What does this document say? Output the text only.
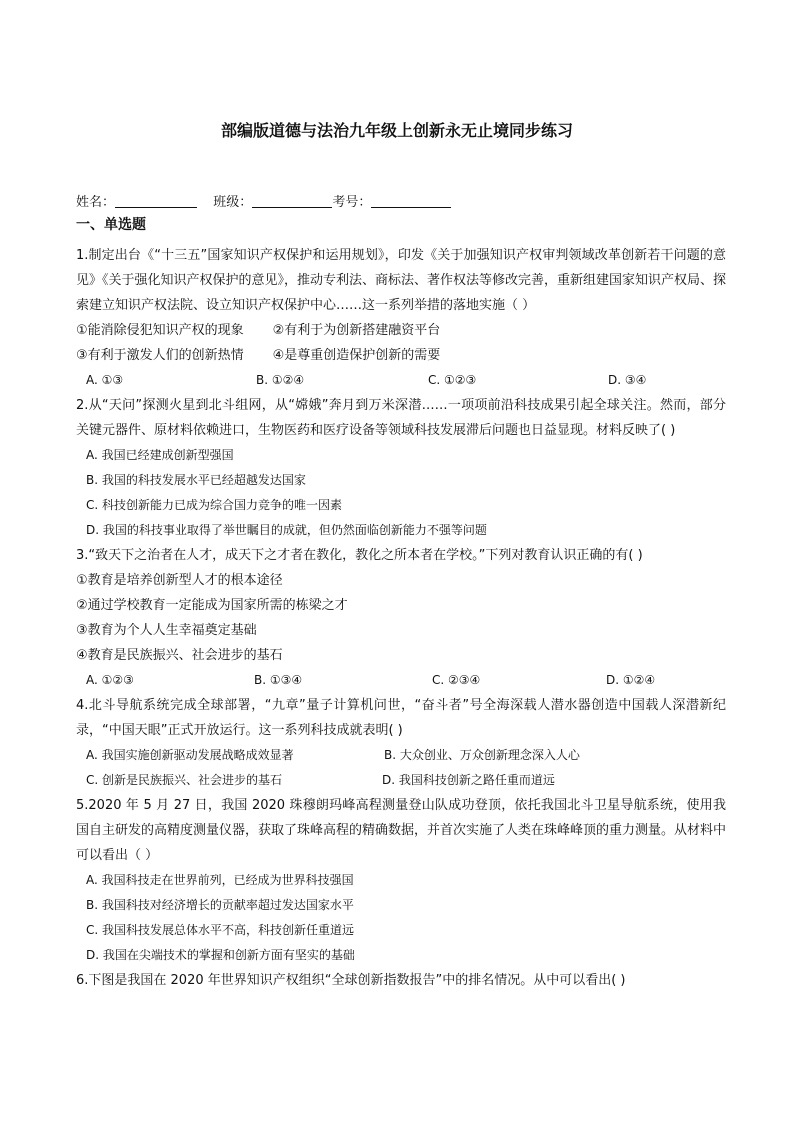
部编版道德与法治九年级上创新永无止境同步练习
姓名：	班级：	考号：
一、单选题
1.制定出台《“十三五”国家知识产权保护和运用规划》，印发《关于加强知识产权审判领域改革创新若干问题的意见》《关于强化知识产权保护的意见》，推动专利法、商标法、著作权法等修改完善，重新组建国家知识产权局、探索建立知识产权法院、设立知识产权保护中心……这一系列举措的落地实施（ ）
①能消除侵犯知识产权的现象       ②有利于为创新搭建融资平台
③有利于激发人们的创新热情       ④是尊重创造保护创新的需要
A. ①③	B. ①②④	C. ①②③	D. ③④
2.从“天问”探测火星到北斗组网，从“嫦娥”奔月到万米深潜……一项项前沿科技成果引起全球关注。然而，部分关键元器件、原材料依赖进口，生物医药和医疗设备等领域科技发展滞后问题也日益显现。材料反映了( )
A. 我国已经建成创新型强国
B. 我国的科技发展水平已经超越发达国家
C. 科技创新能力已成为综合国力竞争的唯一因素
D. 我国的科技事业取得了举世瞩目的成就，但仍然面临创新能力不强等问题
3.“致天下之治者在人才，成天下之才者在教化，教化之所本者在学校。”下列对教育认识正确的有( )
①教育是培养创新型人才的根本途径
②通过学校教育一定能成为国家所需的栋梁之才
③教育为个人人生幸福奠定基础
④教育是民族振兴、社会进步的基石
A. ①②③	B. ①③④	C. ②③④	D. ①②④
4.北斗导航系统完成全球部署，“九章”量子计算机问世，“奋斗者”号全海深载人潜水器创造中国载人深潜新纪录，“中国天眼”正式开放运行。这一系列科技成就表明( )
A. 我国实施创新驱动发展战略成效显著	B. 大众创业、万众创新理念深入人心
C. 创新是民族振兴、社会进步的基石	D. 我国科技创新之路任重而道远
5.2020 年 5 月 27 日，我国 2020 珠穆朗玛峰高程测量登山队成功登顶，依托我国北斗卫星导航系统，使用我国自主研发的高精度测量仪器，获取了珠峰高程的精确数据，并首次实施了人类在珠峰峰顶的重力测量。从材料中可以看出（ ）
A. 我国科技走在世界前列，已经成为世界科技强国
B. 我国科技对经济增长的贡献率超过发达国家水平
C. 我国科技发展总体水平不高，科技创新任重道远
D. 我国在尖端技术的掌握和创新方面有坚实的基础
6.下图是我国在 2020 年世界知识产权组织“全球创新指数报告”中的排名情况。从中可以看出( )
